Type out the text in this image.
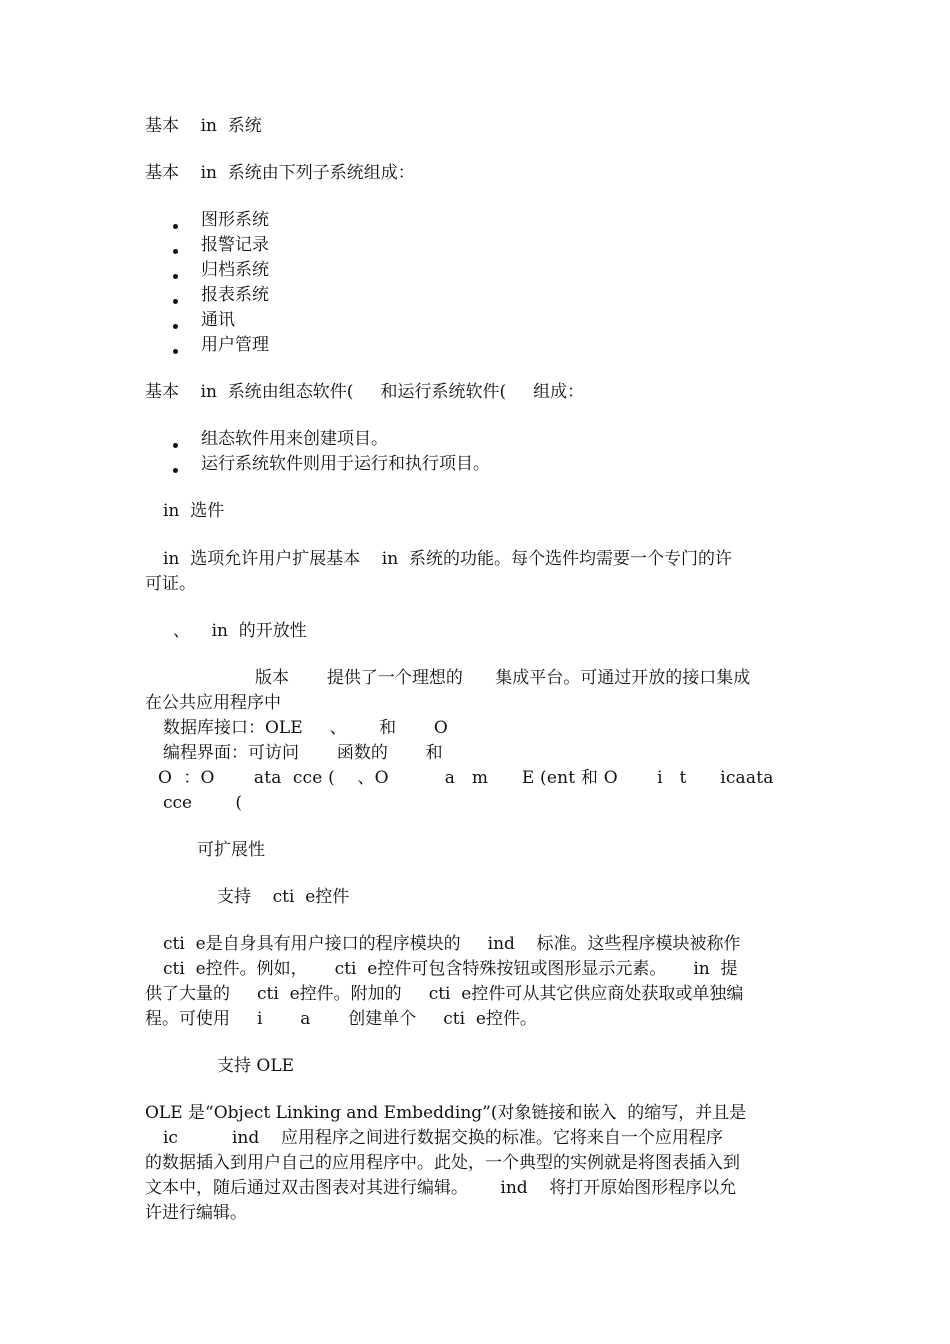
基本    in  系统
基本    in  系统由下列子系统组成：
图形系统
报警记录
归档系统
报表系统
通讯
用户管理
基本    in  系统由组态软件(     和运行系统软件(     组成：
组态软件用来创建项目。
运行系统软件则用于运行和执行项目。
in  选件
in  选项允许用户扩展基本    in  系统的功能。每个选件均需要一个专门的许
可证。
、    in  的开放性
版本       提供了一个理想的      集成平台。可通过开放的接口集成
在公共应用程序中
数据库接口：OLE     、      和       O
编程界面：可访问       函数的       和
O  ：O       ata  cce (    、O          a   m      E (ent 和 O       i   t      icaata
cce        (
可扩展性
支持    cti  e控件
cti  e是自身具有用户接口的程序模块的     ind    标准。这些程序模块被称作
cti  e控件。例如，     cti  e控件可包含特殊按钮或图形显示元素。     in  提
供了大量的     cti  e控件。附加的     cti  e控件可从其它供应商处获取或单独编
程。可使用     i       a       创建单个     cti  e控件。
支持 OLE
OLE 是“Object Linking and Embedding”(对象链接和嵌入  的缩写，并且是
ic          ind    应用程序之间进行数据交换的标准。它将来自一个应用程序
的数据插入到用户自己的应用程序中。此处，一个典型的实例就是将图表插入到
文本中，随后通过双击图表对其进行编辑。      ind    将打开原始图形程序以允
许进行编辑。
